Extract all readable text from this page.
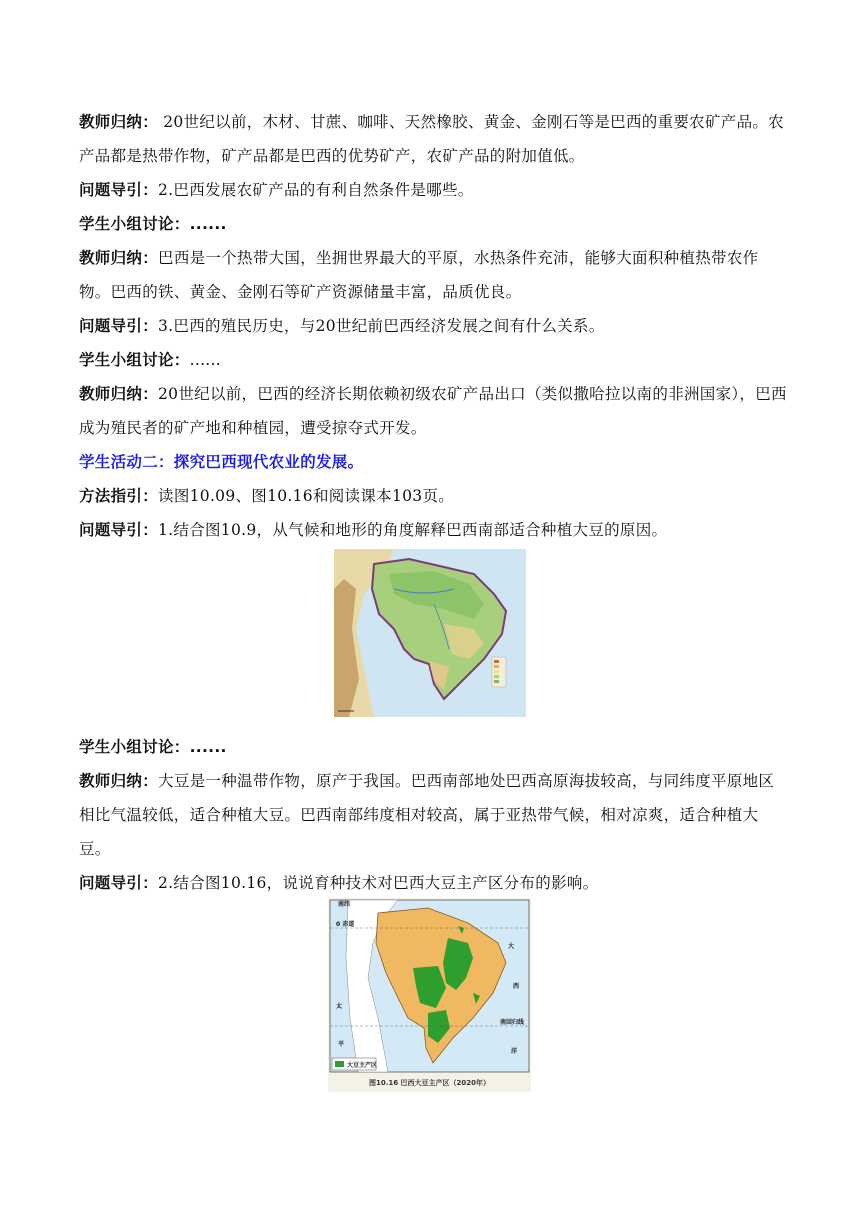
教师归纳： 20世纪以前，木材、甘蔗、咖啡、天然橡胶、黄金、金刚石等是巴西的重要农矿产品。农产品都是热带作物，矿产品都是巴西的优势矿产，农矿产品的附加值低。
问题导引：2.巴西发展农矿产品的有利自然条件是哪些。
学生小组讨论：......
教师归纳：巴西是一个热带大国，坐拥世界最大的平原，水热条件充沛，能够大面积种植热带农作物。巴西的铁、黄金、金刚石等矿产资源储量丰富，品质优良。
问题导引：3.巴西的殖民历史，与20世纪前巴西经济发展之间有什么关系。
学生小组讨论：......
教师归纳：20世纪以前，巴西的经济长期依赖初级农矿产品出口（类似撒哈拉以南的非洲国家），巴西成为殖民者的矿产地和种植园，遭受掠夺式开发。
学生活动二：探究巴西现代农业的发展。
方法指引：读图10.09、图10.16和阅读课本103页。
问题导引：1.结合图10.9，从气候和地形的角度解释巴西南部适合种植大豆的原因。
学生小组讨论：......
教师归纳：大豆是一种温带作物，原产于我国。巴西南部地处巴西高原海拔较高，与同纬度平原地区相比气温较低，适合种植大豆。巴西南部纬度相对较高，属于亚热带气候，相对凉爽，适合种植大豆。
问题导引：2.结合图10.16，说说育种技术对巴西大豆主产区分布的影响。
0 赤道
南回归线
南纬
大
西
洋
太
平
大豆主产区
图10.16 巴西大豆主产区（2020年）
